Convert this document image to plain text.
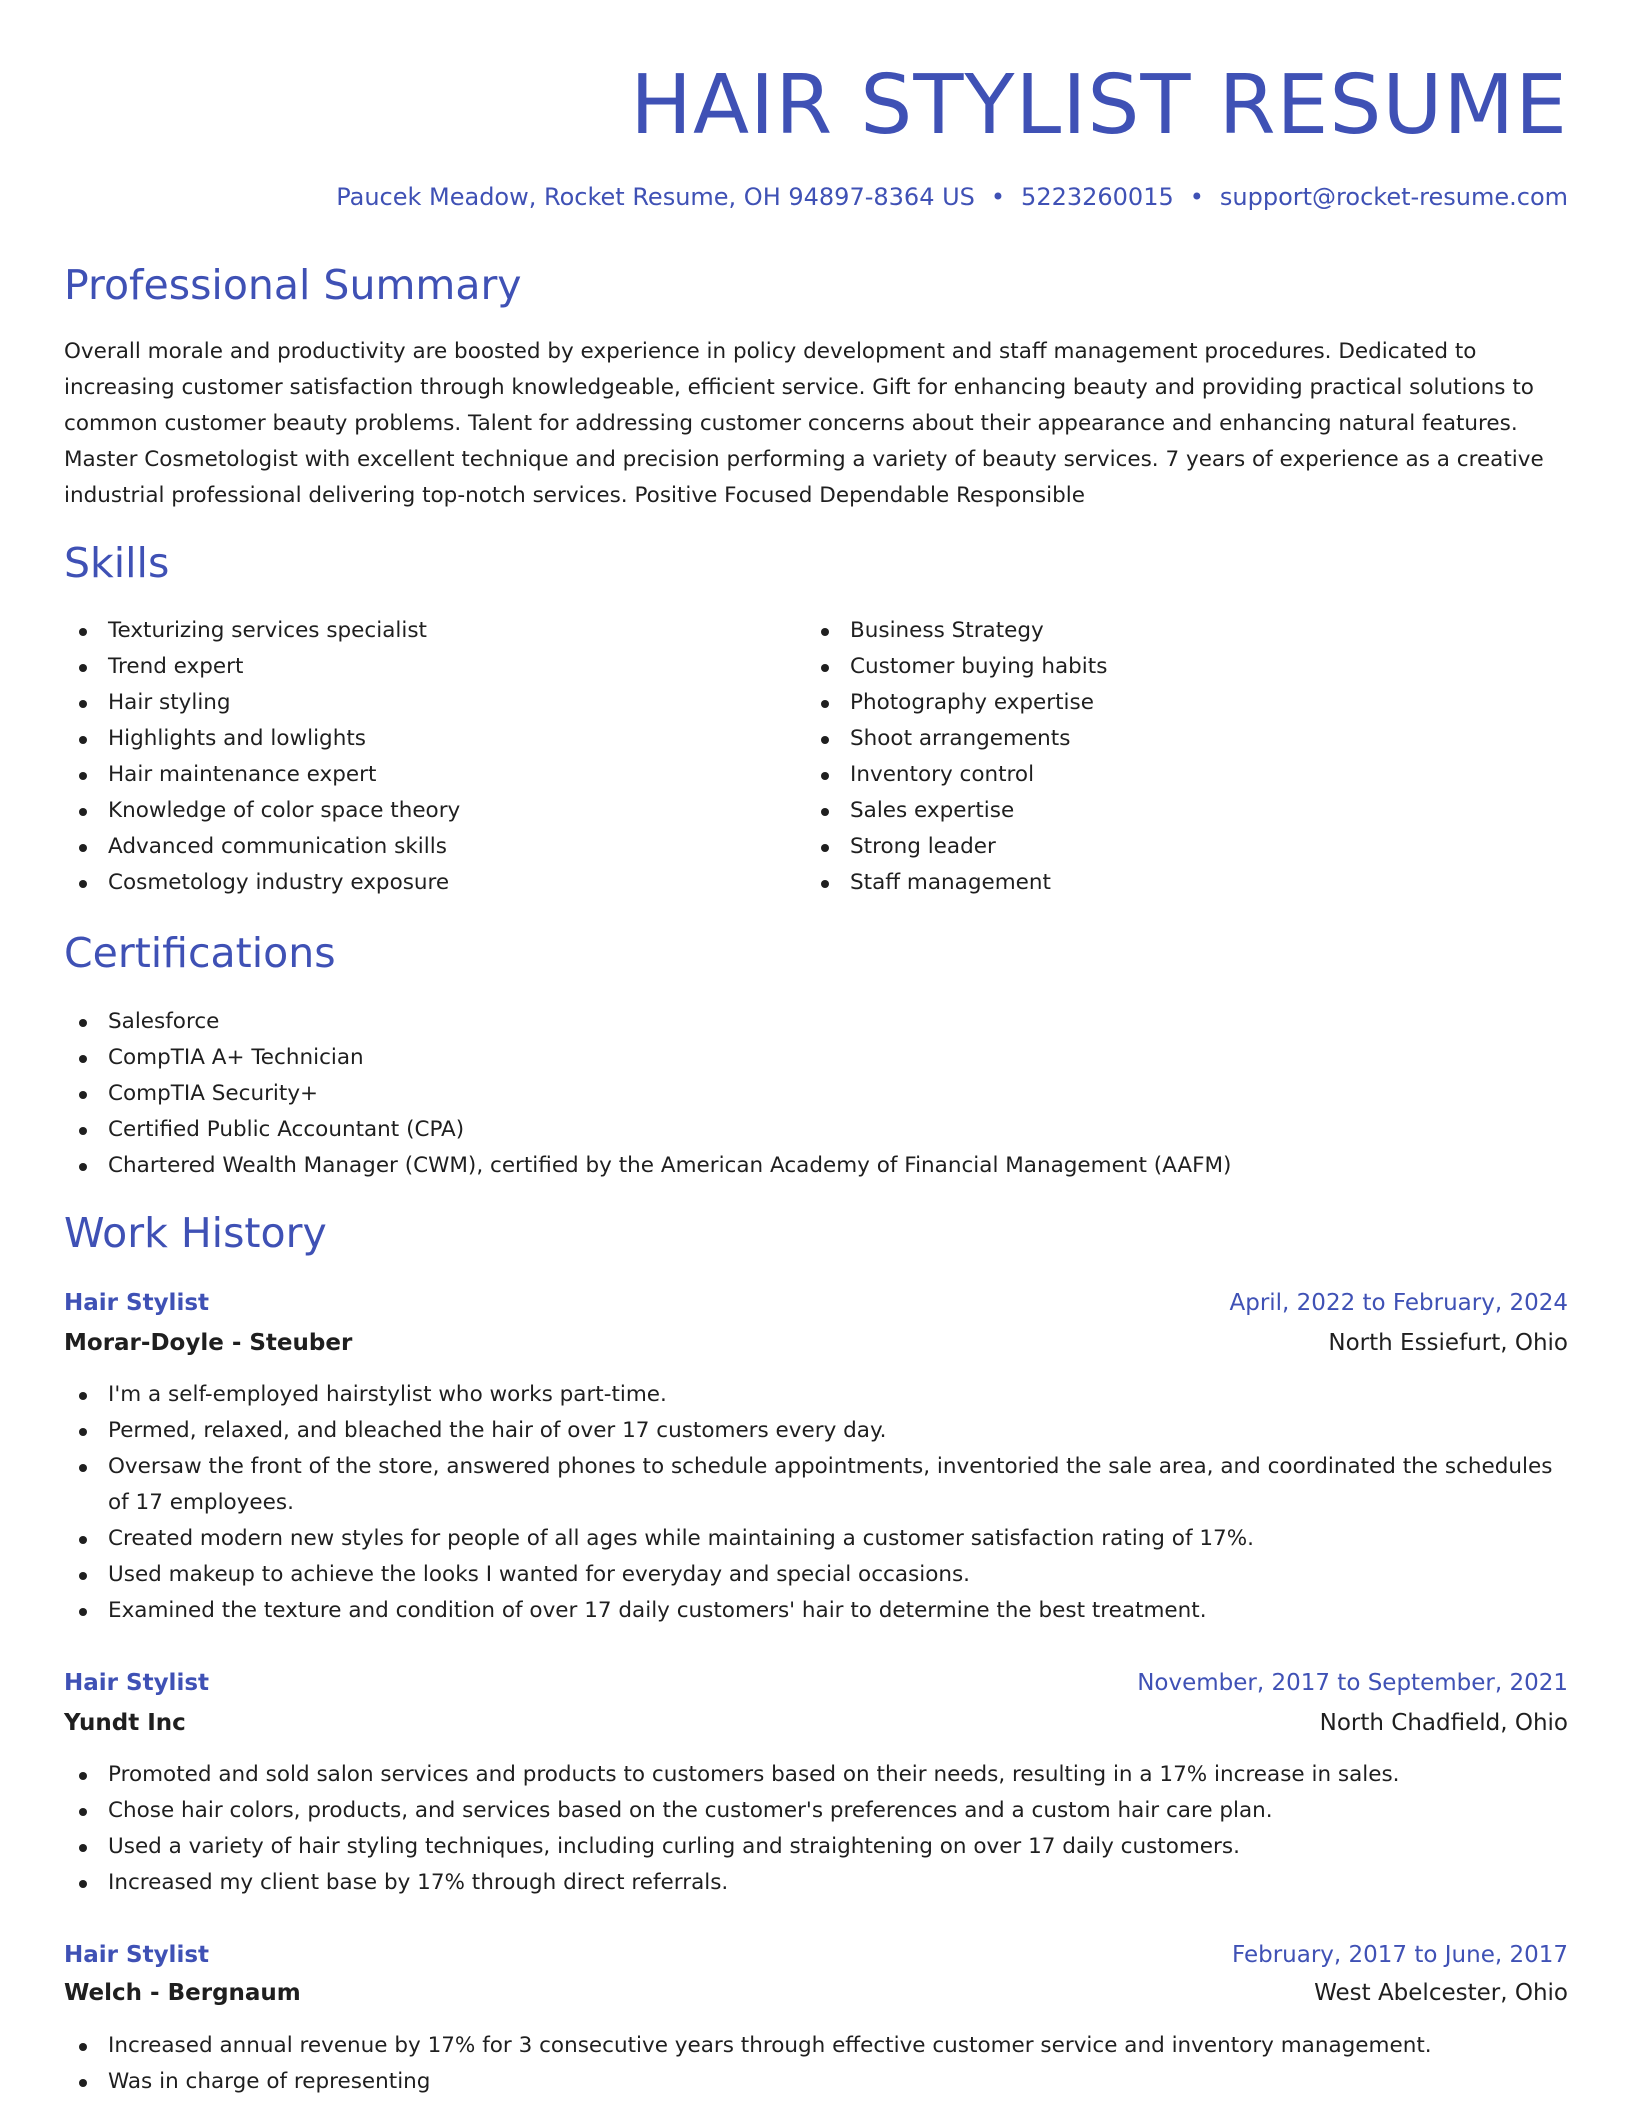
HAIR STYLIST RESUME
Paucek Meadow, Rocket Resume, OH 94897-8364 US • 5223260015 • support@rocket-resume.com
Professional Summary

Overall morale and productivity are boosted by experience in policy development and staff management procedures. Dedicated to increasing customer satisfaction through knowledgeable, efficient service. Gift for enhancing beauty and providing practical solutions to common customer beauty problems. Talent for addressing customer concerns about their appearance and enhancing natural features. Master Cosmetologist with excellent technique and precision performing a variety of beauty services. 7 years of experience as a creative industrial professional delivering top-notch services. Positive Focused Dependable Responsible

Skills
Texturizing services specialist
Trend expert
Hair styling
Highlights and lowlights
Hair maintenance expert
Knowledge of color space theory
Advanced communication skills
Cosmetology industry exposure
Business Strategy
Customer buying habits
Photography expertise
Shoot arrangements
Inventory control
Sales expertise
Strong leader
Staff management
Certifications
Salesforce
CompTIA A+ Technician
CompTIA Security+
Certified Public Accountant (CPA)
Chartered Wealth Manager (CWM), certified by the American Academy of Financial Management (AAFM)
Work History
Hair Stylist	April, 2022 to February, 2024
Morar-Doyle - Steuber	North Essiefurt, Ohio
I'm a self-employed hairstylist who works part-time.
Permed, relaxed, and bleached the hair of over 17 customers every day.
Oversaw the front of the store, answered phones to schedule appointments, inventoried the sale area, and coordinated the schedules of 17 employees.
Created modern new styles for people of all ages while maintaining a customer satisfaction rating of 17%.
Used makeup to achieve the looks I wanted for everyday and special occasions.
Examined the texture and condition of over 17 daily customers' hair to determine the best treatment.
Hair Stylist	November, 2017 to September, 2021
Yundt Inc	North Chadfield, Ohio
Promoted and sold salon services and products to customers based on their needs, resulting in a 17% increase in sales.
Chose hair colors, products, and services based on the customer's preferences and a custom hair care plan.
Used a variety of hair styling techniques, including curling and straightening on over 17 daily customers.
Increased my client base by 17% through direct referrals.
Hair Stylist	February, 2017 to June, 2017
Welch - Bergnaum	West Abelcester, Ohio
Increased annual revenue by 17% for 3 consecutive years through effective customer service and inventory management.
Was in charge of representing
